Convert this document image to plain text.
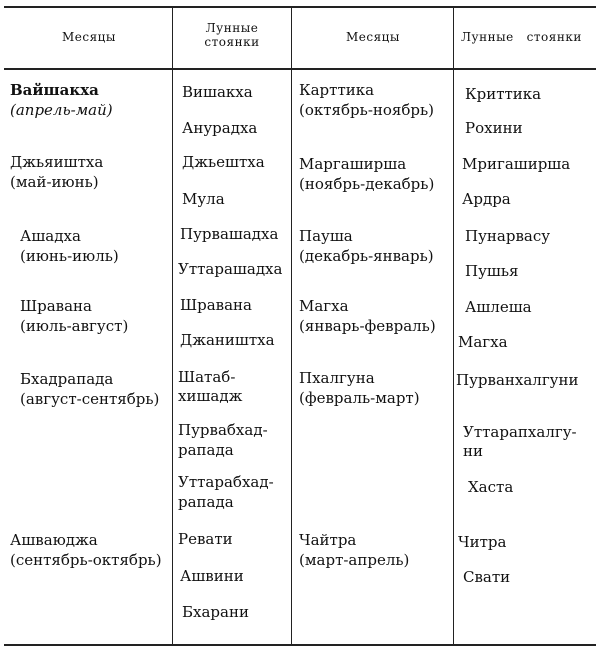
Месяцы
Лунные
стоянки	Месяцы	Лунные   стоянки
Вайшакха
(апрель-май)
Джьяиштха
(май-июнь)
Ашадха
(июнь-июль)
Шравана
(июль-август)
Бхадрапада
(август-сентябрь)
Ашваюджа
(сентябрь-октябрь)
Вишакха
Анурадха
Джьештха
Мула
Пурвашадха
Уттарашадха
Шравана
Джаништха
Шатаб-
хишадж
Пурвабхад-
рапада
Уттарабхад-
рапада
Ревати
Ашвини
Бхарани
Карттика
(октябрь-ноябрь)
Маргаширша
(ноябрь-декабрь)
Пауша
(декабрь-январь)
Магха
(январь-февраль)
Пхалгуна
(февраль-март)
Чайтра
(март-апрель)
Криттика
Рохини
Мригаширша
Ардра
Пунарвасу
Пушья
Ашлеша
Магха
Пурванхалгуни
Уттарапхалгу-
ни
Хаста
Читра
Свати
